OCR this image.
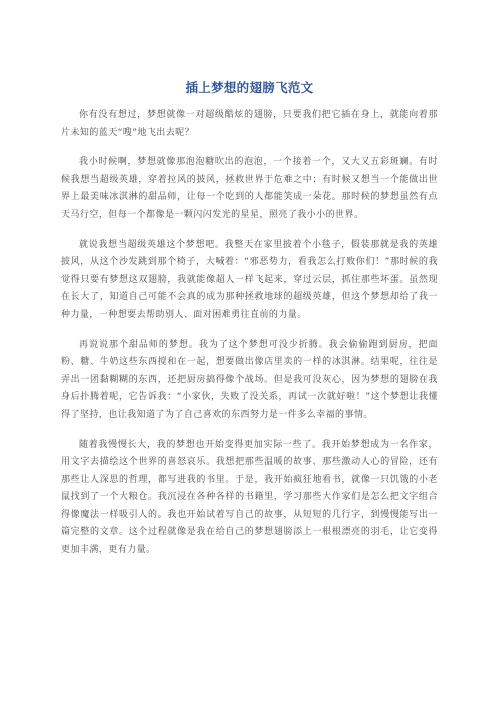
插上梦想的翅膀飞范文

你有没有想过，梦想就像一对超级酷炫的翅膀，只要我们把它插在身上，就能向着那片未知的蓝天“嗖”地飞出去呢？

我小时候啊，梦想就像那泡泡糖吹出的泡泡，一个接着一个，又大又五彩斑斓。有时候我想当超级英雄，穿着拉风的披风，拯救世界于危难之中；有时候又想当一个能做出世界上最美味冰淇淋的甜品师，让每一个吃到的人都能笑成一朵花。那时候的梦想虽然有点天马行空，但每一个都像是一颗闪闪发光的星星，照亮了我小小的世界。

就说我想当超级英雄这个梦想吧。我整天在家里披着个小毯子，假装那就是我的英雄披风，从这个沙发跳到那个椅子，大喊着：“邪恶势力，看我怎么打败你们！”那时候的我觉得只要有梦想这双翅膀，我就能像超人一样飞起来，穿过云层，抓住那些坏蛋。虽然现在长大了，知道自己可能不会真的成为那种拯救地球的超级英雄，但这个梦想却给了我一种力量，一种想要去帮助别人、面对困难勇往直前的力量。

再说说那个甜品师的梦想。我为了这个梦想可没少折腾。我会偷偷跑到厨房，把面粉、糖、牛奶这些东西搅和在一起，想要做出像店里卖的一样的冰淇淋。结果呢，往往是弄出一团黏糊糊的东西，还把厨房搞得像个战场。但是我可没灰心，因为梦想的翅膀在我身后扑腾着呢，它告诉我：“小家伙，失败了没关系，再试一次就好啦！”这个梦想让我懂得了坚持，也让我知道了为了自己喜欢的东西努力是一件多么幸福的事情。

随着我慢慢长大，我的梦想也开始变得更加实际一些了。我开始梦想成为一名作家，用文字去描绘这个世界的喜怒哀乐。我想把那些温暖的故事、那些激动人心的冒险，还有那些让人深思的哲理，都写进我的书里。于是，我开始疯狂地看书，就像一只饥饿的小老鼠找到了一个大粮仓。我沉浸在各种各样的书籍里，学习那些大作家们是怎么把文字组合得像魔法一样吸引人的。我也开始试着写自己的故事，从短短的几行字，到慢慢能写出一篇完整的文章。这个过程就像是我在给自己的梦想翅膀添上一根根漂亮的羽毛，让它变得更加丰满，更有力量。
